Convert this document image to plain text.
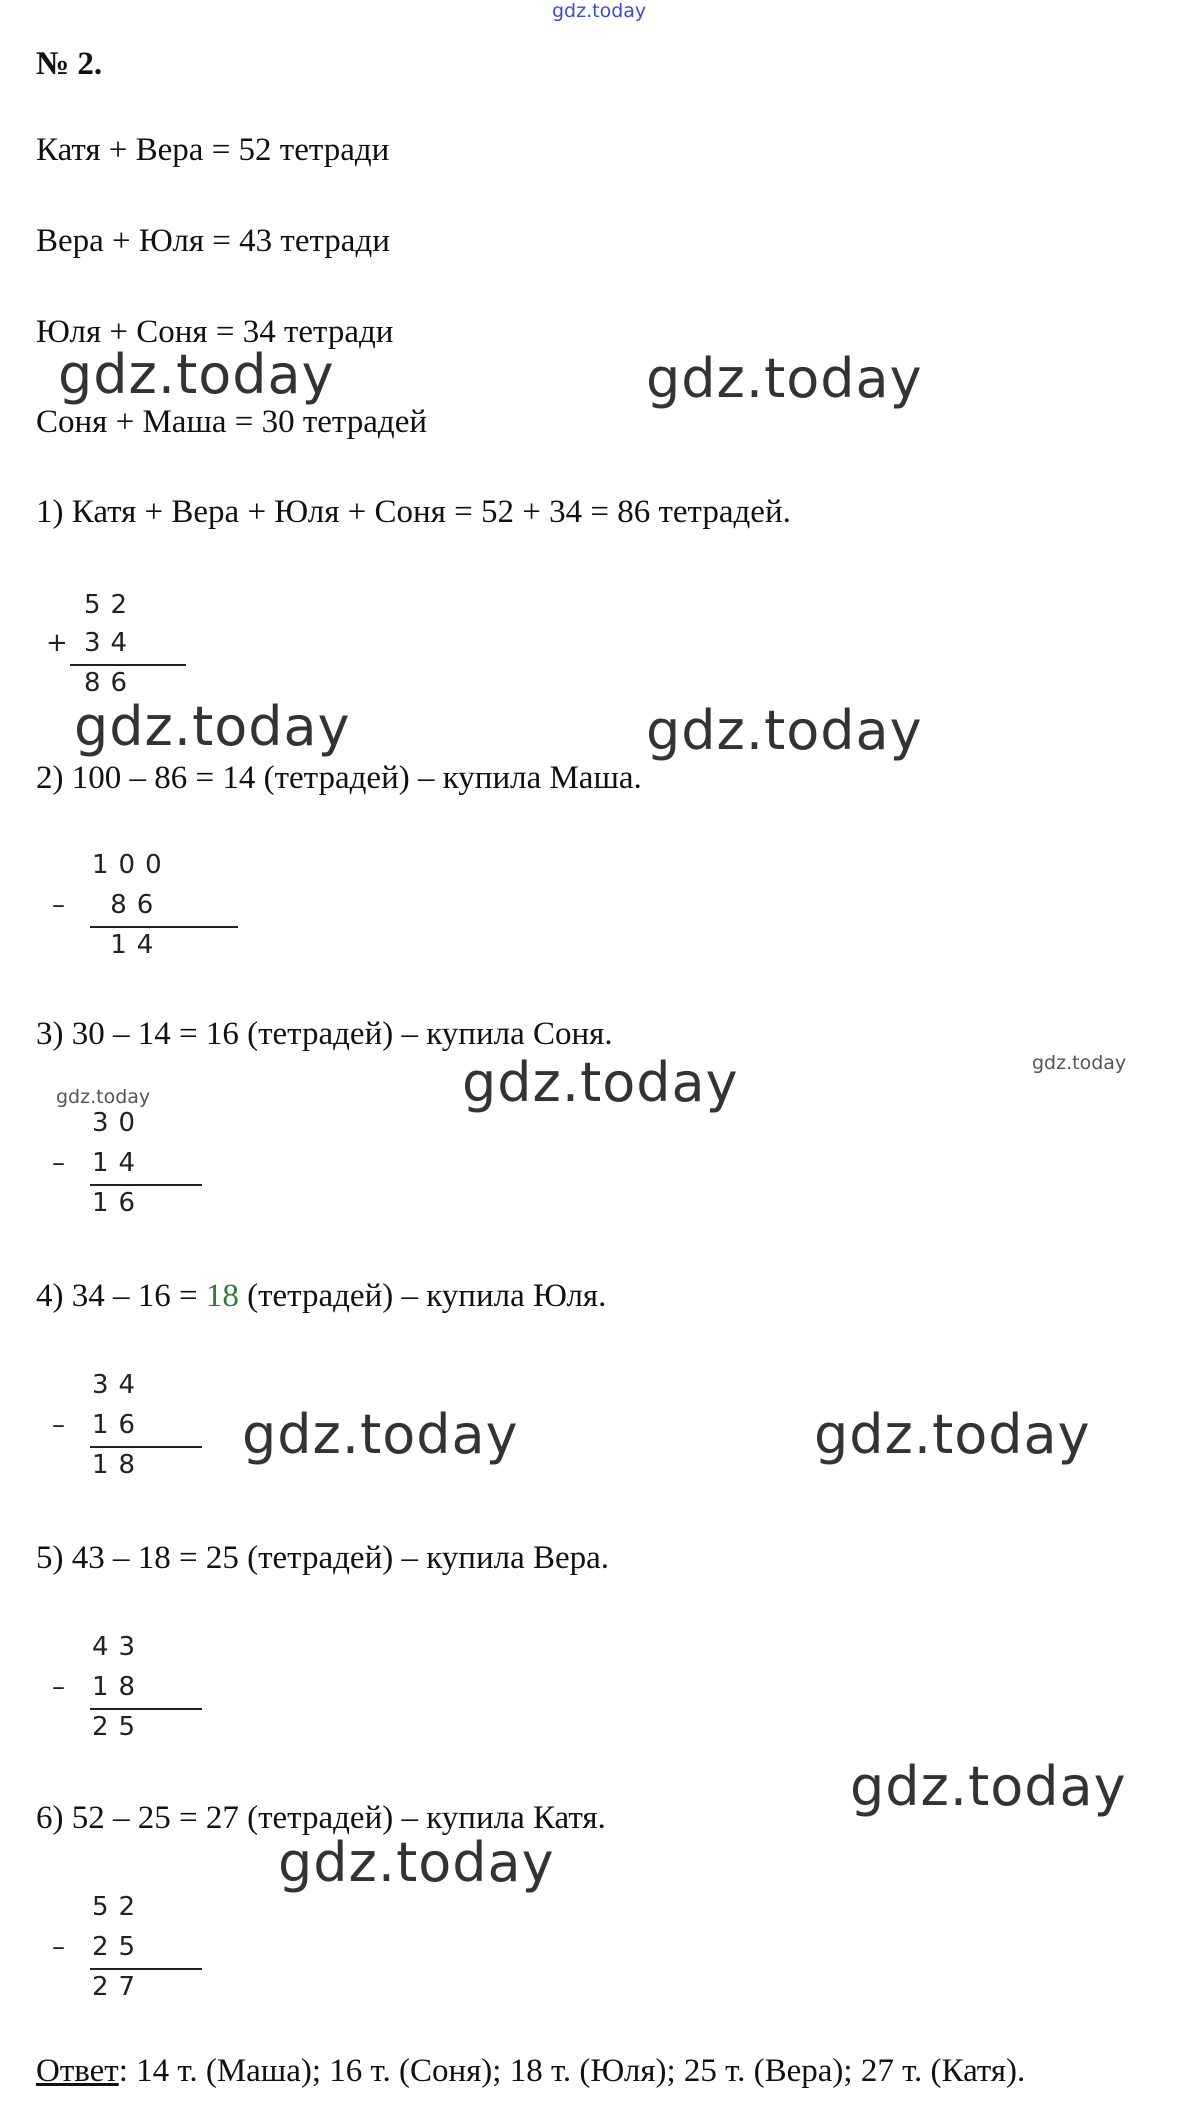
gdz.today
№ 2.
Катя + Вера = 52 тетради
Вера + Юля = 43 тетради
Юля + Соня = 34 тетради
Соня + Маша = 30 тетрадей
1) Катя + Вера + Юля + Соня = 52 + 34 = 86 тетрадей.
52
+ 34
86
2) 100 – 86 = 14 (тетрадей) – купила Маша.
100
– 86
14
3) 30 – 14 = 16 (тетрадей) – купила Соня.
30
– 14
16
4) 34 – 16 = 18 (тетрадей) – купила Юля.
34
– 16
18
5) 43 – 18 = 25 (тетрадей) – купила Вера.
43
– 18
25
6) 52 – 25 = 27 (тетрадей) – купила Катя.
52
– 25
27
Ответ: 14 т. (Маша); 16 т. (Соня); 18 т. (Юля); 25 т. (Вера); 27 т. (Катя).
gdz.today	gdz.today
gdz.today	gdz.today
gdz.today
gdz.today	gdz.today
gdz.today
gdz.today
gdz.today
gdz.today
